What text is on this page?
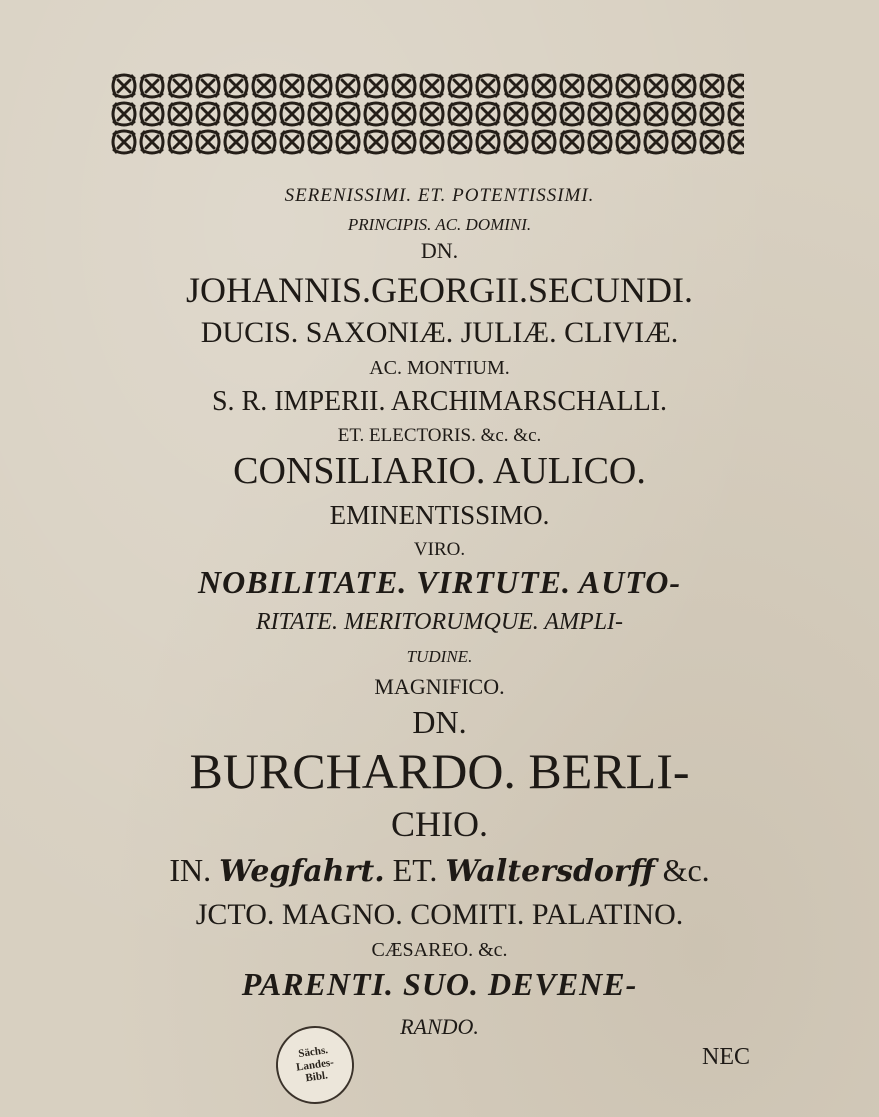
SERENISSIMI. ET. POTENTISSIMI.
PRINCIPIS. AC. DOMINI.
DN.
JOHANNIS.GEORGII.SECUNDI.
DUCIS. SAXONIÆ. JULIÆ. CLIVIÆ.
AC. MONTIUM.
S. R. IMPERII. ARCHIMARSCHALLI.
ET. ELECTORIS. &c. &c.
CONSILIARIO. AULICO.
EMINENTISSIMO.
VIRO.
NOBILITATE. VIRTUTE. AUTO-
RITATE. MERITORUMQUE. AMPLI-
TUDINE.
MAGNIFICO.
DN.
BURCHARDO. BERLI-
CHIO.
IN. Wegfahrt. ET. Waltersdorff &c.
JCTO. MAGNO. COMITI. PALATINO.
CÆSAREO. &c.
PARENTI. SUO. DEVENE-
RANDO.
Sächs.
Landes-
Bibl.
NEC
